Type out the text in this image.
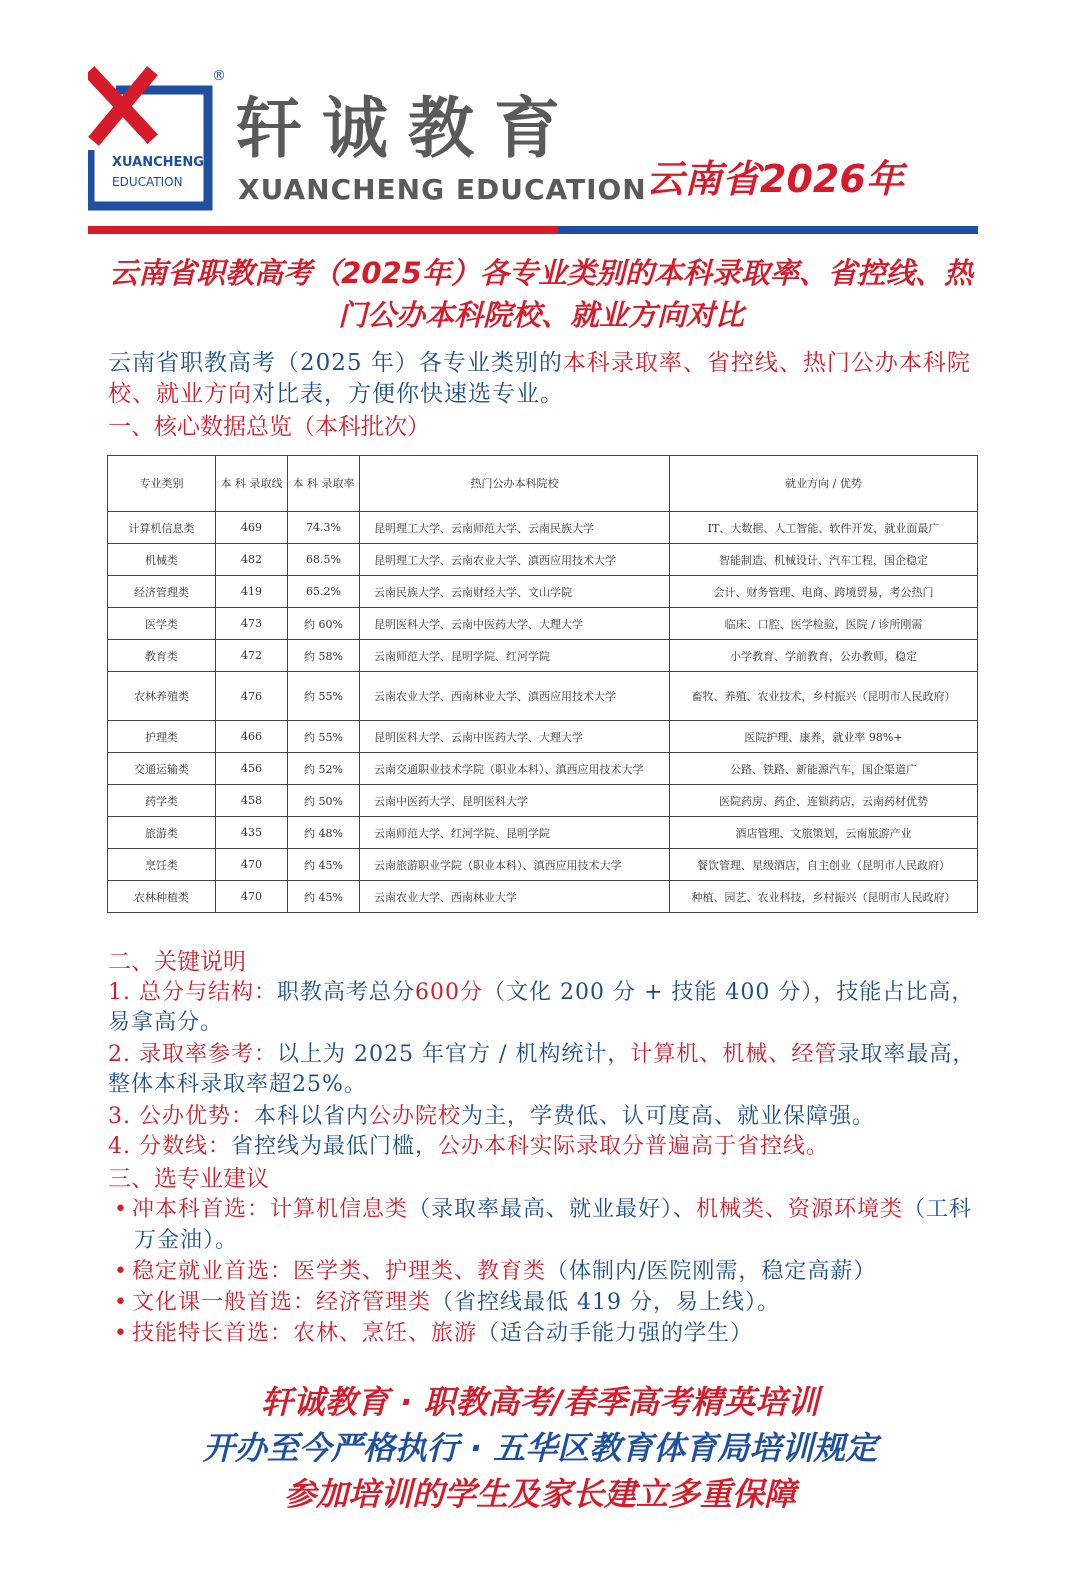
XUANCHENG
EDUCATION
®
轩诚教育
XUANCHENG EDUCATION 云南省2026年
云南省职教高考（2025年）各专业类别的本科录取率、省控线、热门公办本科院校、就业方向对比
云南省职教高考（2025 年）各专业类别的本科录取率、省控线、热门公办本科院校、就业方向对比表，方便你快速选专业。
一、核心数据总览（本科批次）
专业类别	本 科 录取线	本 科 录取率	热门公办本科院校	就业方向 / 优势
计算机信息类	469	74.3%	昆明理工大学、云南师范大学、云南民族大学	IT、大数据、人工智能、软件开发，就业面最广
机械类	482	68.5%	昆明理工大学、云南农业大学、滇西应用技术大学	智能制造、机械设计、汽车工程，国企稳定
经济管理类	419	65.2%	云南民族大学、云南财经大学、文山学院	会计、财务管理、电商、跨境贸易，考公热门
医学类	473	约 60%	昆明医科大学、云南中医药大学、大理大学	临床、口腔、医学检验，医院 / 诊所刚需
教育类	472	约 58%	云南师范大学、昆明学院、红河学院	小学教育、学前教育，公办教师，稳定
农林养殖类	476	约 55%	云南农业大学、西南林业大学、滇西应用技术大学	畜牧、养殖、农业技术，乡村振兴（昆明市人民政府）
护理类	466	约 55%	昆明医科大学、云南中医药大学、大理大学	医院护理、康养，就业率 98%+
交通运输类	456	约 52%	云南交通职业技术学院（职业本科）、滇西应用技术大学	公路、铁路、新能源汽车，国企渠道广
药学类	458	约 50%	云南中医药大学、昆明医科大学	医院药房、药企、连锁药店，云南药材优势
旅游类	435	约 48%	云南师范大学、红河学院、昆明学院	酒店管理、文旅策划，云南旅游产业
烹饪类	470	约 45%	云南旅游职业学院（职业本科）、滇西应用技术大学	餐饮管理、星级酒店，自主创业（昆明市人民政府）
农林种植类	470	约 45%	云南农业大学、西南林业大学	种植、园艺、农业科技，乡村振兴（昆明市人民政府）
二、关键说明
1. 总分与结构：职教高考总分600分（文化 200 分 + 技能 400 分），技能占比高，易拿高分。
2. 录取率参考：以上为 2025 年官方 / 机构统计，计算机、机械、经管录取率最高，整体本科录取率超25%。
3. 公办优势：本科以省内公办院校为主，学费低、认可度高、就业保障强。
4. 分数线：省控线为最低门槛，公办本科实际录取分普遍高于省控线。
三、选专业建议
• 冲本科首选：计算机信息类（录取率最高、就业最好）、机械类、资源环境类（工科万金油）。
• 稳定就业首选：医学类、护理类、教育类（体制内/医院刚需，稳定高薪）
• 文化课一般首选：经济管理类（省控线最低 419 分，易上线）。
• 技能特长首选：农林、烹饪、旅游（适合动手能力强的学生）
轩诚教育 · 职教高考/春季高考精英培训
开办至今严格执行 · 五华区教育体育局培训规定
参加培训的学生及家长建立多重保障
